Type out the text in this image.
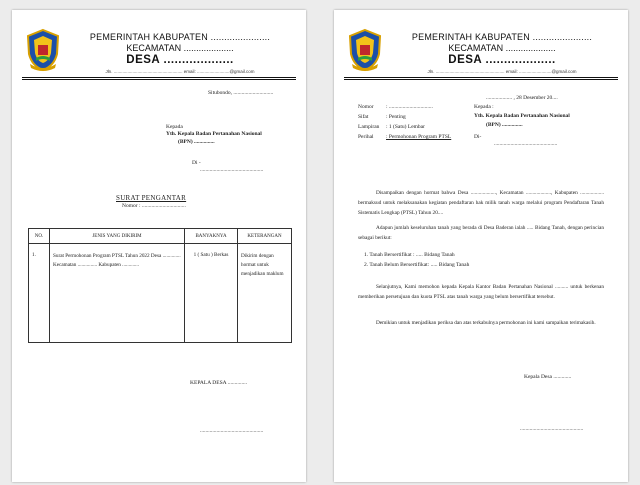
PEMERINTAH KABUPATEN ......................
KECAMATAN ....................
DESA ...................
Jln. ....................................................... email: ..........................@gmail.com
Situbondo, .............................
Kepada
Yth. Kepala Badan Pertanahan Nasional
(BPN) ...............
Di -
..............................................
SURAT PENGANTAR
Nomor : ................................
NO.	JENIS YANG DIKIRIM	BANYAKNYA	KETERANGAN
1.	Surat Permohonan Program PTSL Tahun 2022 Desa .............. Kecamatan ............... Kabupaten .............	1 ( Satu ) Berkas	Dikirim dengan hormat untuk menjadikan maklum
KEPALA DESA ..............
..............................................
PEMERINTAH KABUPATEN ......................
KECAMATAN ....................
DESA ...................
Jln. ....................................................... email: ..........................@gmail.com
................... , 28 Desember 20....
Nomor : ................................
Sifat	: Penting
Lampiran : 1 (Satu) Lembar
Perihal : Permohonan Program PTSL
Kepada :
Yth. Kepala Badan Pertanahan Nasional
(BPN) ...............
Di-
..............................................
Disampaikan dengan hormat bahwa Desa ..................., Kecamatan ..................., Kabupaten .................. bermaksud untuk melaksanakan kegiatan pendaftaran hak milik tanah warga melalui program Pendaftaran Tanah Sistematis Lengkap (PTSL) Tahun 20....
Adapun jumlah keseluruhan tanah yang berada di Desa Baderan ialah ..... Bidang Tanah, dengan perincian sebagai berikut:
1. Tanah Bersertifikat : ..... Bidang Tanah
2. Tanah Belum Bersertifikat: ..... Bidang Tanah
Selanjutnya, Kami memohon kepada Kepala Kantor Badan Pertanahan Nasional .......... untuk berkenan memberikan persetujuan dan kuota PTSL atas tanah warga yang belum bersertifikat tersebut.
Demikian untuk menjadikan periksa dan atas terkabulnya permohonan ini kami sampaikan terimakasih.
Kepala Desa .............
..............................................
